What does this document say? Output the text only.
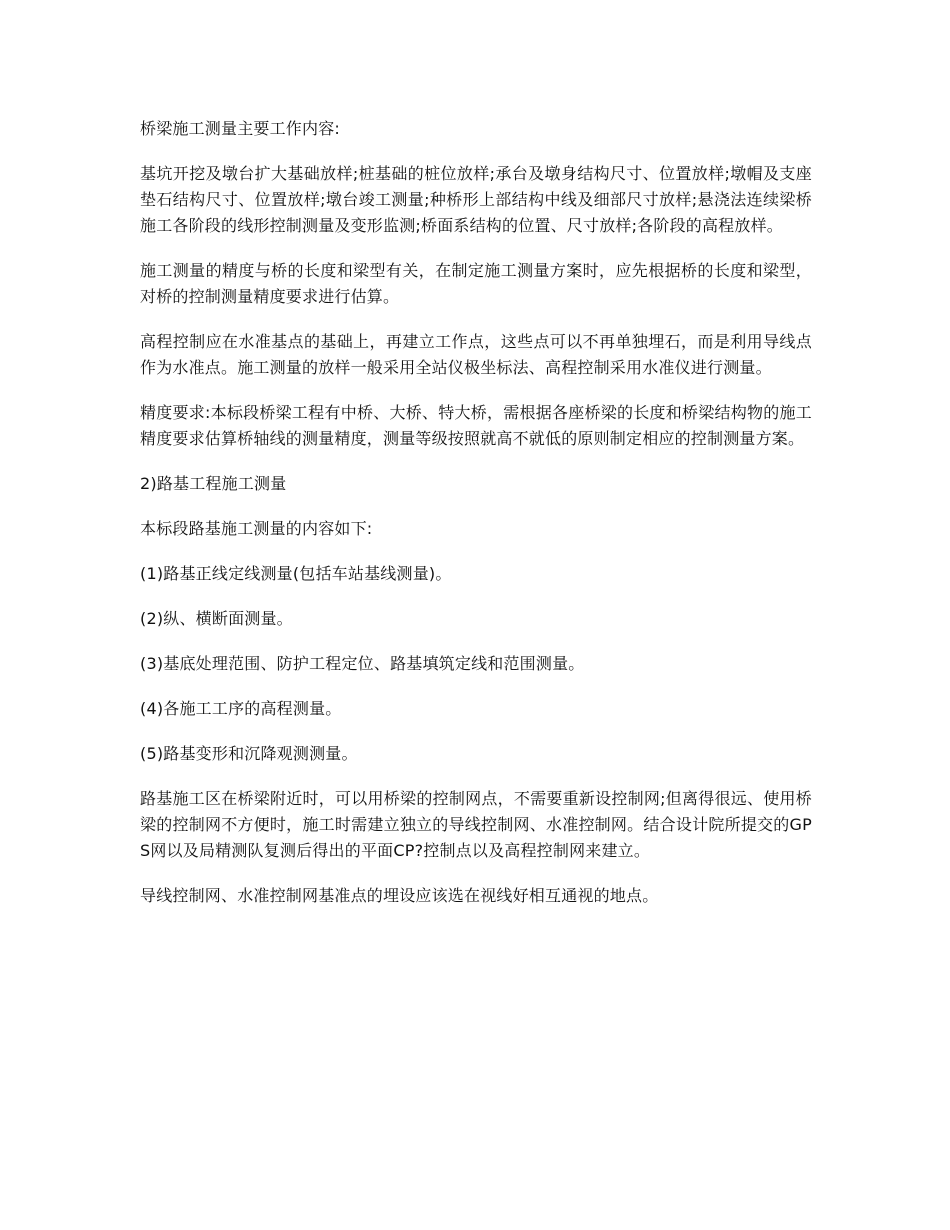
桥梁施工测量主要工作内容:

基坑开挖及墩台扩大基础放样;桩基础的桩位放样;承台及墩身结构尺寸、位置放样;墩帽及支座垫石结构尺寸、位置放样;墩台竣工测量;种桥形上部结构中线及细部尺寸放样;悬浇法连续梁桥施工各阶段的线形控制测量及变形监测;桥面系结构的位置、尺寸放样;各阶段的高程放样。

施工测量的精度与桥的长度和梁型有关，在制定施工测量方案时，应先根据桥的长度和梁型，对桥的控制测量精度要求进行估算。

高程控制应在水准基点的基础上，再建立工作点，这些点可以不再单独埋石，而是利用导线点作为水准点。施工测量的放样一般采用全站仪极坐标法、高程控制采用水准仪进行测量。

精度要求:本标段桥梁工程有中桥、大桥、特大桥，需根据各座桥梁的长度和桥梁结构物的施工精度要求估算桥轴线的测量精度，测量等级按照就高不就低的原则制定相应的控制测量方案。

2)路基工程施工测量

本标段路基施工测量的内容如下:

(1)路基正线定线测量(包括车站基线测量)。

(2)纵、横断面测量。

(3)基底处理范围、防护工程定位、路基填筑定线和范围测量。

(4)各施工工序的高程测量。

(5)路基变形和沉降观测测量。

路基施工区在桥梁附近时，可以用桥梁的控制网点，不需要重新设控制网;但离得很远、使用桥梁的控制网不方便时，施工时需建立独立的导线控制网、水准控制网。结合设计院所提交的GPS网以及局精测队复测后得出的平面CP?控制点以及高程控制网来建立。

导线控制网、水准控制网基准点的埋设应该选在视线好相互通视的地点。
